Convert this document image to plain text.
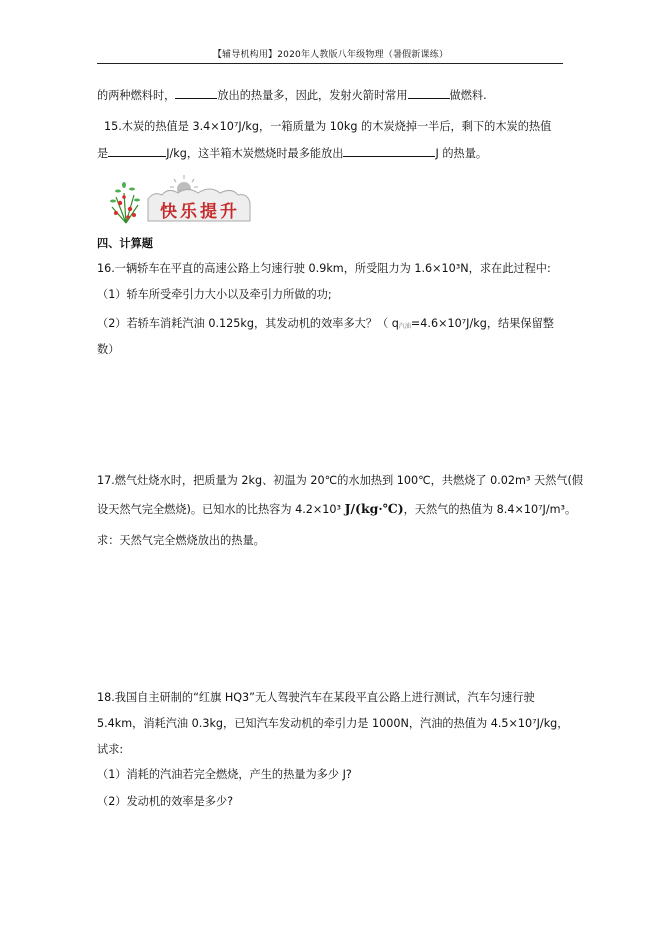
【辅导机构用】2020年人教版八年级物理（暑假新课练）
的两种燃料时，	放出的热量多，因此，发射火箭时常用	做燃料.
15.木炭的热值是 3.4×10⁷J/kg，一箱质量为 10kg 的木炭烧掉一半后，剩下的木炭的热值
是	J/kg，这半箱木炭燃烧时最多能放出	J 的热量。
快乐提升
四、计算题
16.一辆轿车在平直的高速公路上匀速行驶 0.9km，所受阻力为 1.6×10³N，求在此过程中:
（1）轿车所受牵引力大小以及牵引力所做的功;
（2）若轿车消耗汽油 0.125kg，其发动机的效率多大？（ q汽油=4.6×10⁷J/kg，结果保留整
数）
17.燃气灶烧水时，把质量为 2kg、初温为 20℃的水加热到 100℃，共燃烧了 0.02m³ 天然气(假
设天然气完全燃烧)。已知水的比热容为 4.2×10³ J/(kg·℃)，天然气的热值为 8.4×10⁷J/m³。
求：天然气完全燃烧放出的热量。
18.我国自主研制的“红旗 HQ3”无人驾驶汽车在某段平直公路上进行测试，汽车匀速行驶
5.4km，消耗汽油 0.3kg，已知汽车发动机的牵引力是 1000N，汽油的热值为 4.5×10⁷J/kg，
试求:
（1）消耗的汽油若完全燃烧，产生的热量为多少 J?
（2）发动机的效率是多少?
